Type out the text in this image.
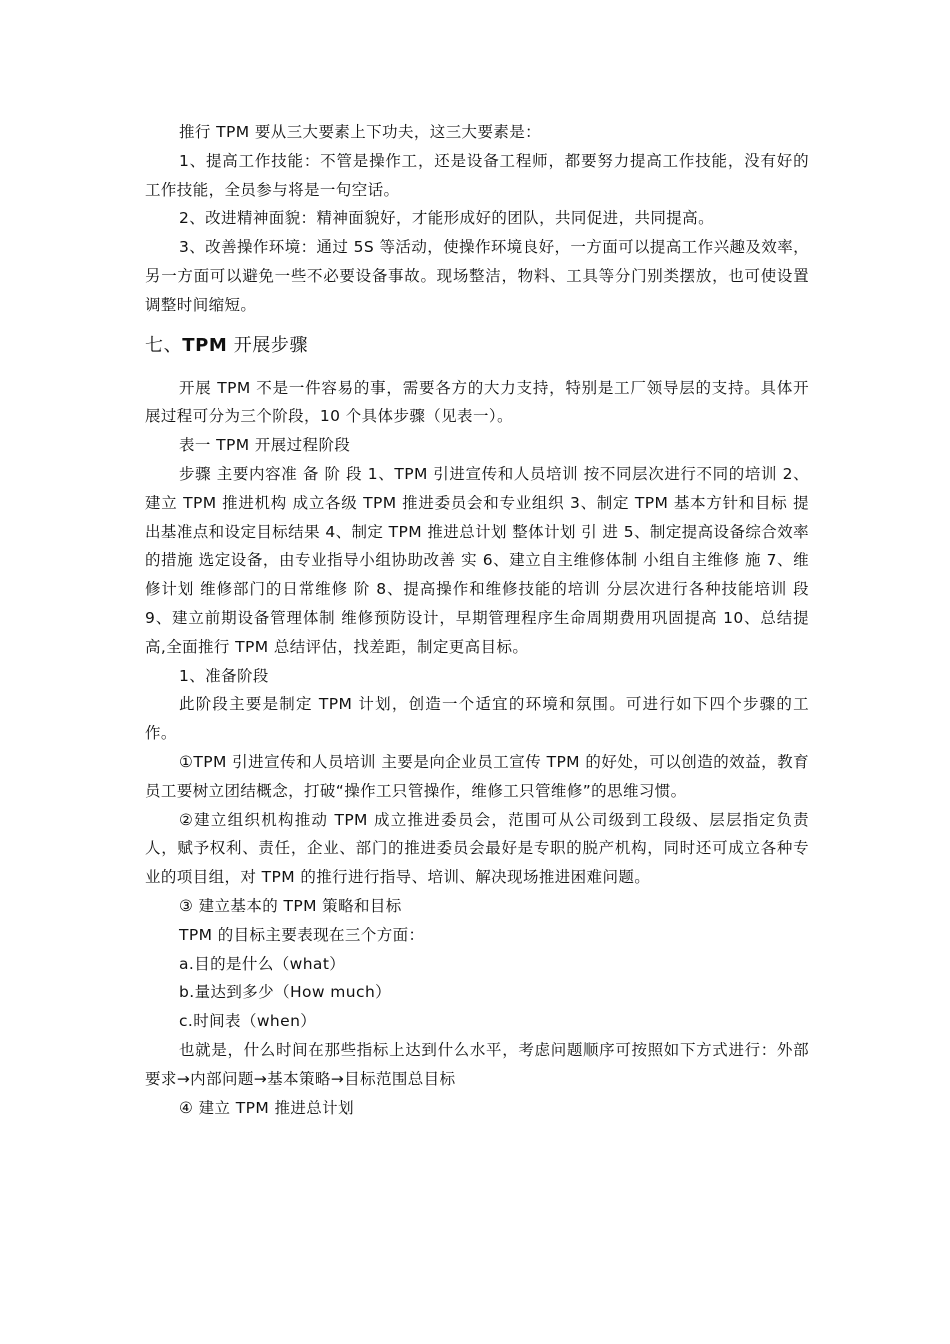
推行 TPM 要从三大要素上下功夫，这三大要素是：

1、提高工作技能：不管是操作工，还是设备工程师，都要努力提高工作技能，没有好的工作技能，全员参与将是一句空话。

2、改进精神面貌：精神面貌好，才能形成好的团队，共同促进，共同提高。

3、改善操作环境：通过 5S 等活动，使操作环境良好，一方面可以提高工作兴趣及效率，另一方面可以避免一些不必要设备事故。现场整洁，物料、工具等分门别类摆放，也可使设置调整时间缩短。

七、TPM 开展步骤

开展 TPM 不是一件容易的事，需要各方的大力支持，特别是工厂领导层的支持。具体开展过程可分为三个阶段，10 个具体步骤（见表一）。

表一 TPM 开展过程阶段

步骤 主要内容准 备 阶 段 1、TPM 引进宣传和人员培训 按不同层次进行不同的培训 2、建立 TPM 推进机构 成立各级 TPM 推进委员会和专业组织 3、制定 TPM 基本方针和目标 提出基准点和设定目标结果 4、制定 TPM 推进总计划 整体计划 引 进 5、制定提高设备综合效率的措施 选定设备，由专业指导小组协助改善 实 6、建立自主维修体制 小组自主维修 施 7、维修计划 维修部门的日常维修 阶 8、提高操作和维修技能的培训 分层次进行各种技能培训 段 9、建立前期设备管理体制 维修预防设计，早期管理程序生命周期费用巩固提高 10、总结提高,全面推行 TPM 总结评估，找差距，制定更高目标。

1、准备阶段

此阶段主要是制定 TPM 计划，创造一个适宜的环境和氛围。可进行如下四个步骤的工作。

①TPM 引进宣传和人员培训 主要是向企业员工宣传 TPM 的好处，可以创造的效益，教育员工要树立团结概念，打破“操作工只管操作，维修工只管维修”的思维习惯。

②建立组织机构推动 TPM 成立推进委员会，范围可从公司级到工段级、层层指定负责人，赋予权利、责任，企业、部门的推进委员会最好是专职的脱产机构，同时还可成立各种专业的项目组，对 TPM 的推行进行指导、培训、解决现场推进困难问题。

③ 建立基本的 TPM 策略和目标

TPM 的目标主要表现在三个方面：

a.目的是什么（what）

b.量达到多少（How much）

c.时间表（when）

也就是，什么时间在那些指标上达到什么水平，考虑问题顺序可按照如下方式进行：外部要求→内部问题→基本策略→目标范围总目标

④ 建立 TPM 推进总计划
